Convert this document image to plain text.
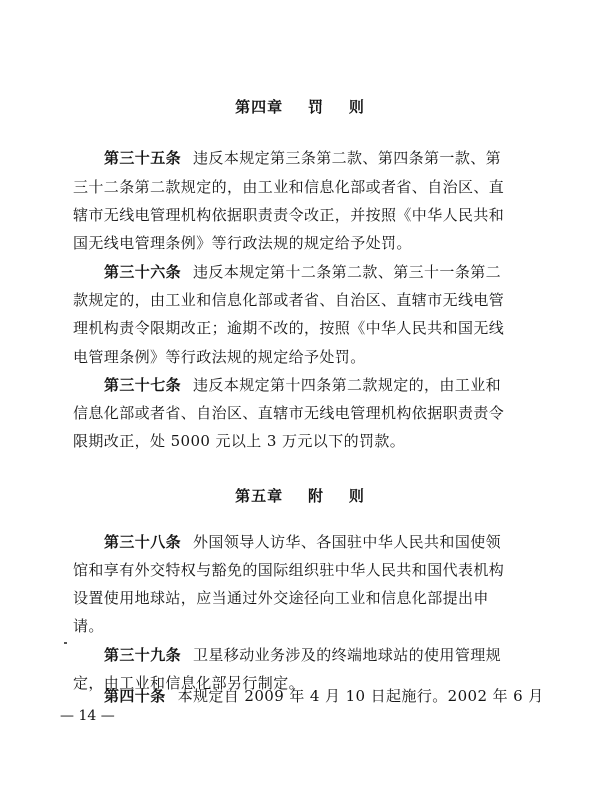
第四章    罚    则
第三十五条 违反本规定第三条第二款、第四条第一款、第
三十二条第二款规定的，由工业和信息化部或者省、自治区、直
辖市无线电管理机构依据职责责令改正，并按照《中华人民共和
国无线电管理条例》等行政法规的规定给予处罚。
第三十六条 违反本规定第十二条第二款、第三十一条第二
款规定的，由工业和信息化部或者省、自治区、直辖市无线电管
理机构责令限期改正；逾期不改的，按照《中华人民共和国无线
电管理条例》等行政法规的规定给予处罚。
第三十七条 违反本规定第十四条第二款规定的，由工业和
信息化部或者省、自治区、直辖市无线电管理机构依据职责责令
限期改正，处 5000 元以上 3 万元以下的罚款。
第五章    附    则
第三十八条 外国领导人访华、各国驻中华人民共和国使领
馆和享有外交特权与豁免的国际组织驻中华人民共和国代表机构
设置使用地球站，应当通过外交途径向工业和信息化部提出申
请。
第三十九条 卫星移动业务涉及的终端地球站的使用管理规
定，由工业和信息化部另行制定。
第四十条 本规定自 2009 年 4 月 10 日起施行。2002 年 6 月
— 14 —
